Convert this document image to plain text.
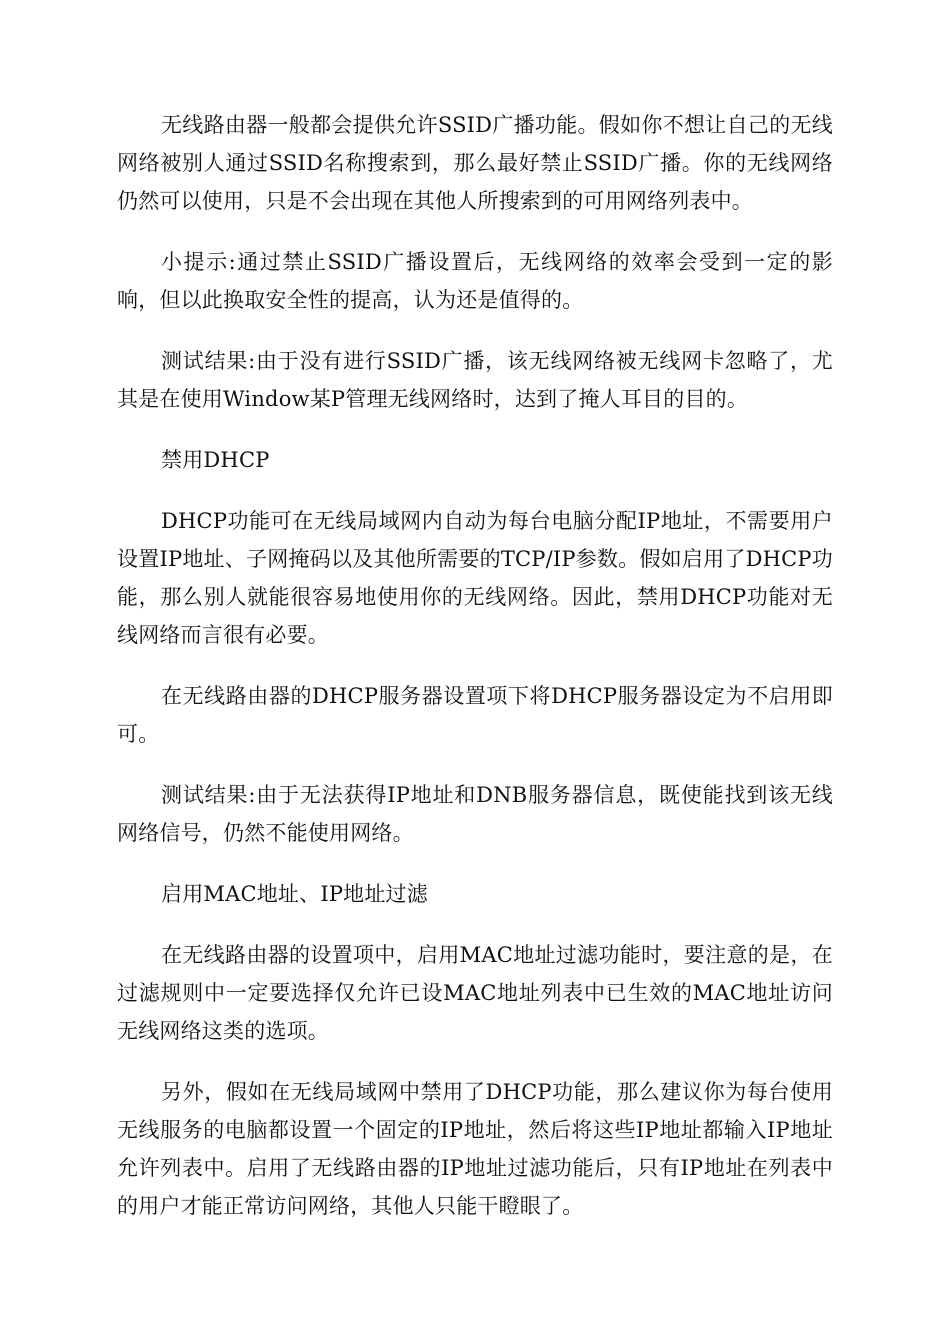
无线路由器一般都会提供允许SSID广播功能。假如你不想让自己的无线网络被别人通过SSID名称搜索到，那么最好禁止SSID广播。你的无线网络仍然可以使用，只是不会出现在其他人所搜索到的可用网络列表中。

小提示:通过禁止SSID广播设置后，无线网络的效率会受到一定的影响，但以此换取安全性的提高，认为还是值得的。

测试结果:由于没有进行SSID广播，该无线网络被无线网卡忽略了，尤其是在使用Window某P管理无线网络时，达到了掩人耳目的目的。

禁用DHCP

DHCP功能可在无线局域网内自动为每台电脑分配IP地址，不需要用户设置IP地址、子网掩码以及其他所需要的TCP/IP参数。假如启用了DHCP功能，那么别人就能很容易地使用你的无线网络。因此，禁用DHCP功能对无线网络而言很有必要。

在无线路由器的DHCP服务器设置项下将DHCP服务器设定为不启用即可。

测试结果:由于无法获得IP地址和DNB服务器信息，既使能找到该无线网络信号，仍然不能使用网络。

启用MAC地址、IP地址过滤

在无线路由器的设置项中，启用MAC地址过滤功能时，要注意的是，在过滤规则中一定要选择仅允许已设MAC地址列表中已生效的MAC地址访问无线网络这类的选项。

另外，假如在无线局域网中禁用了DHCP功能，那么建议你为每台使用无线服务的电脑都设置一个固定的IP地址，然后将这些IP地址都输入IP地址允许列表中。启用了无线路由器的IP地址过滤功能后，只有IP地址在列表中的用户才能正常访问网络，其他人只能干瞪眼了。
